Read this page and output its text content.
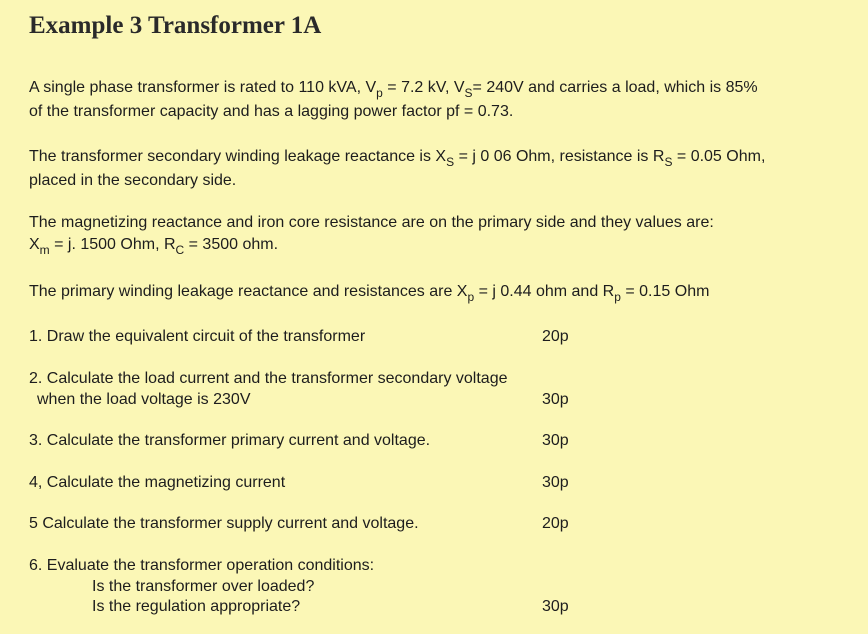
Example 3 Transformer 1A
A single phase transformer is rated to 110 kVA, $V_p = 7.2$ kV, $V_S= 240V$ and carries a load, which is 85%
of the transformer capacity and has a lagging power factor pf = 0.73.
The transformer secondary winding leakage reactance is $X_S = j$ 0 06 Ohm, resistance is $R_S = 0.05$ Ohm,
placed in the secondary side.
The magnetizing reactance and iron core resistance are on the primary side and they values are:
$X_m = j$. 1500 Ohm, $R_C = 3500$ ohm.
The primary winding leakage reactance and resistances are $X_p = j$ 0.44 ohm and $R_p = 0.15$ Ohm

1. Draw the equivalent circuit of the transformer	20p

2. Calculate the load current and the transformer secondary voltage

when the load voltage is 230V	30p

3. Calculate the transformer primary current and voltage.	30p

4, Calculate the magnetizing current	30p

5 Calculate the transformer supply current and voltage.	20p

6. Evaluate the transformer operation conditions:

Is the transformer over loaded?

Is the regulation appropriate?	30p
